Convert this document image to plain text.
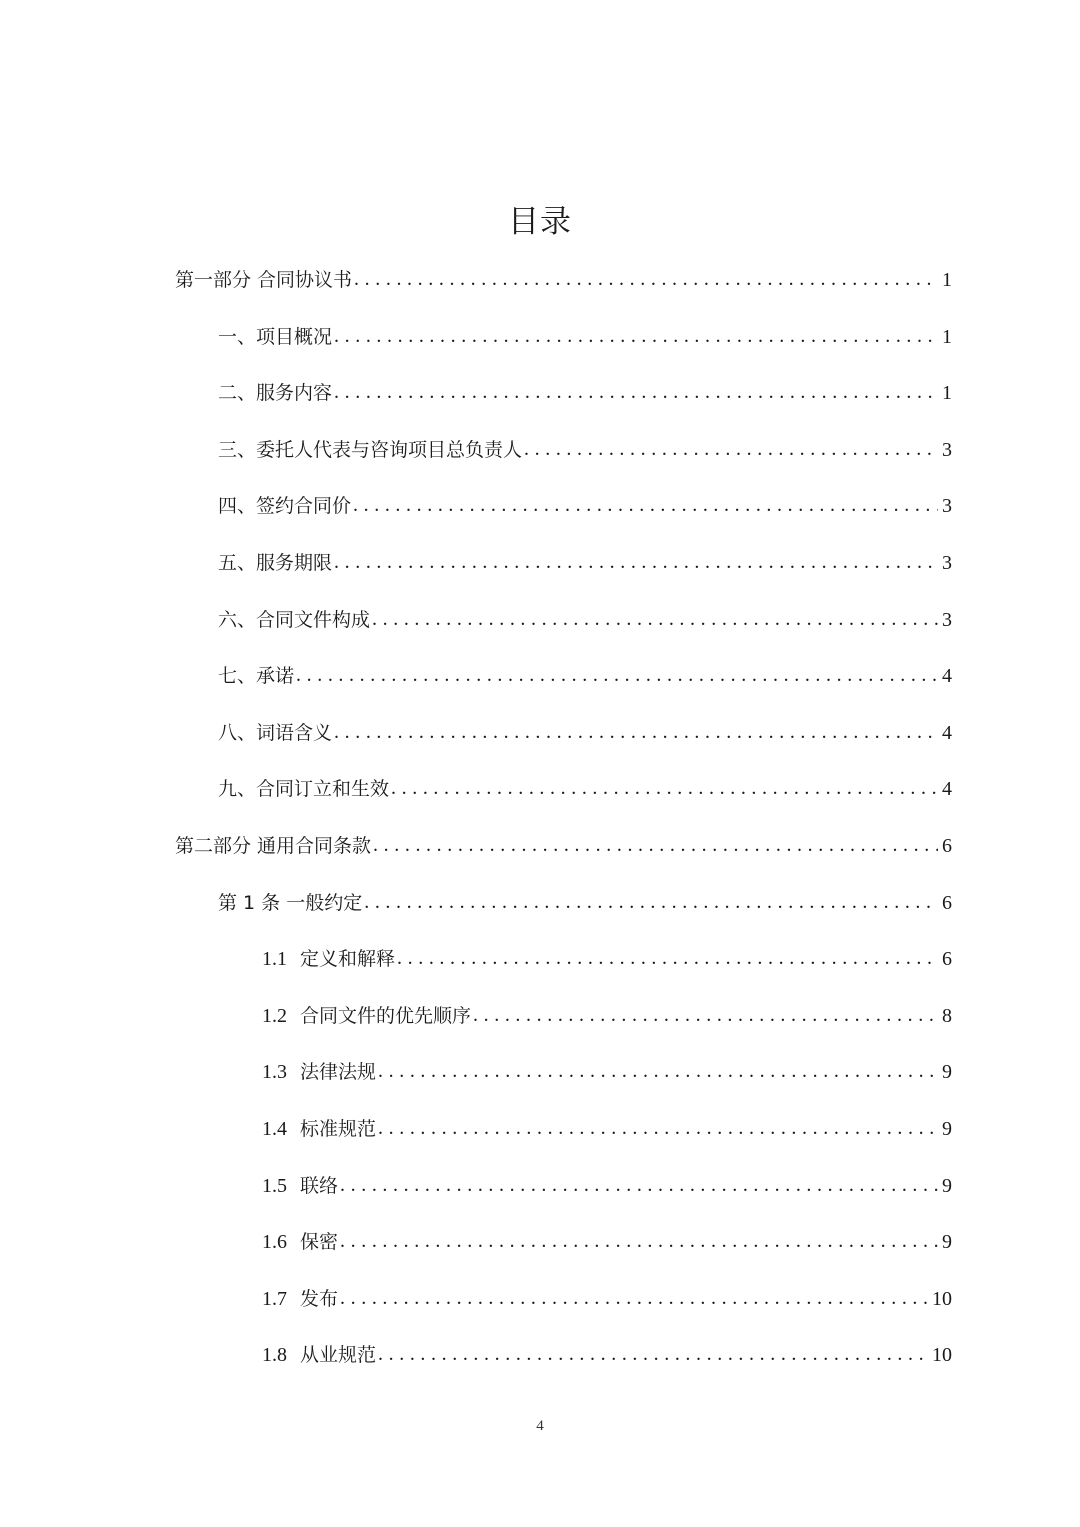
目录
第一部分 合同协议书 . . .	1
一、项目概况 . . .	1
二、服务内容 . . .	1
三、委托人代表与咨询项目总负责人 . . .	3
四、签约合同价 . . .	3
五、服务期限 . . .	3
六、合同文件构成 . . .	3
七、承诺 . . .	4
八、词语含义 . . .	4
九、合同订立和生效 . . .	4
第二部分 通用合同条款 . . .	6
第 1 条 一般约定 . . .	6
1.1 定义和解释 . . .	6
1.2 合同文件的优先顺序 . . .	8
1.3 法律法规 . . .	9
1.4 标准规范 . . .	9
1.5 联络 . . .	9
1.6 保密 . . .	9
1.7 发布 . . .	10
1.8 从业规范 . . .	10
4
